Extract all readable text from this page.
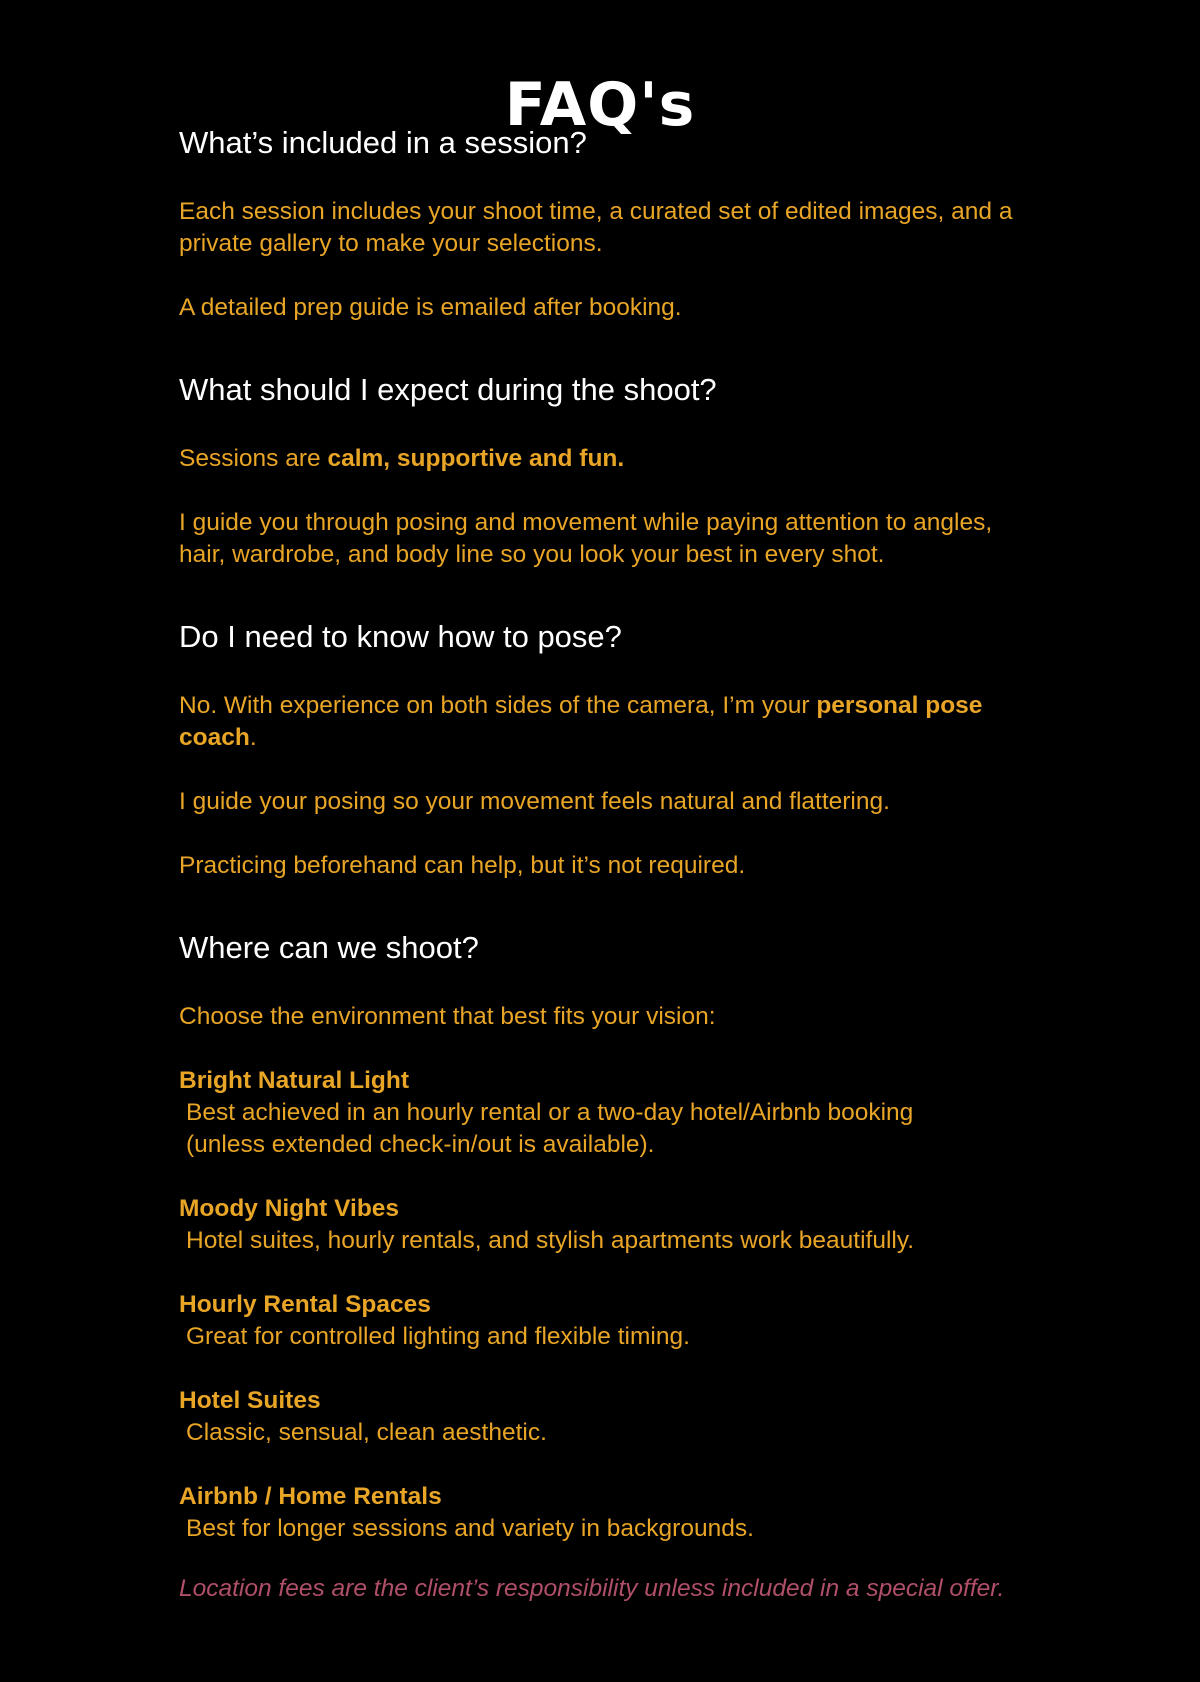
FAQ's
What’s included in a session?

Each session includes your shoot time, a curated set of edited images, and a private gallery to make your selections.

A detailed prep guide is emailed after booking.

What should I expect during the shoot?

Sessions are calm, supportive and fun.

I guide you through posing and movement while paying attention to angles, hair, wardrobe, and body line so you look your best in every shot.

Do I need to know how to pose?

No. With experience on both sides of the camera, I’m your personal pose coach.

I guide your posing so your movement feels natural and flattering.

Practicing beforehand can help, but it’s not required.

Where can we shoot?

Choose the environment that best fits your vision:

Bright Natural Light
Best achieved in an hourly rental or a two-day hotel/Airbnb booking
(unless extended check-in/out is available).
Moody Night Vibes
Hotel suites, hourly rentals, and stylish apartments work beautifully.
Hourly Rental Spaces
Great for controlled lighting and flexible timing.
Hotel Suites
Classic, sensual, clean aesthetic.
Airbnb / Home Rentals
Best for longer sessions and variety in backgrounds.

Location fees are the client’s responsibility unless included in a special offer.
